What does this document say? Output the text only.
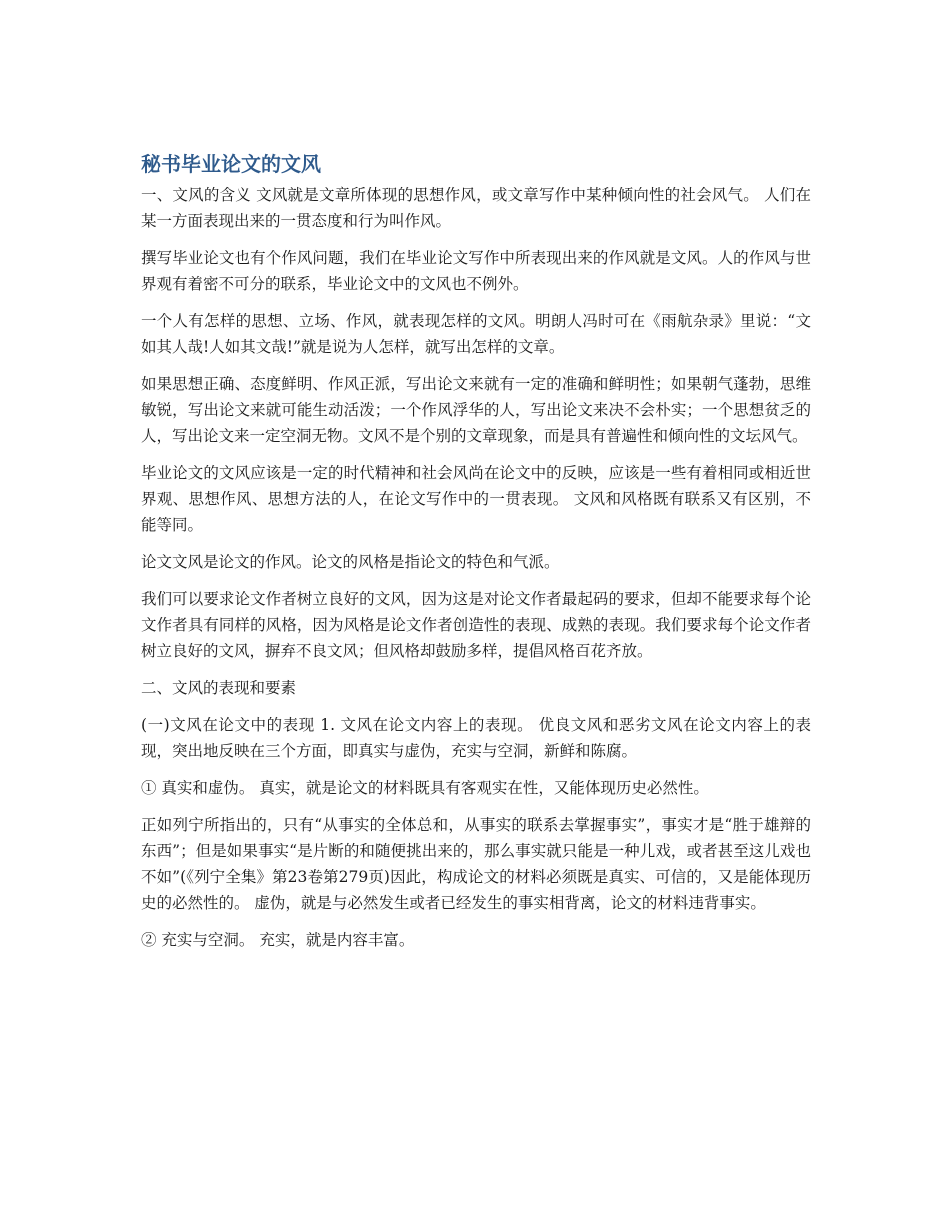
秘书毕业论文的文风

一、文风的含义 文风就是文章所体现的思想作风，或文章写作中某种倾向性的社会风气。 人们在某一方面表现出来的一贯态度和行为叫作风。

撰写毕业论文也有个作风问题，我们在毕业论文写作中所表现出来的作风就是文风。人的作风与世界观有着密不可分的联系，毕业论文中的文风也不例外。

一个人有怎样的思想、立场、作风，就表现怎样的文风。明朗人冯时可在《雨航杂录》里说：“文如其人哉!人如其文哉!”就是说为人怎样，就写出怎样的文章。

如果思想正确、态度鲜明、作风正派，写出论文来就有一定的准确和鲜明性；如果朝气蓬勃，思维敏锐，写出论文来就可能生动活泼；一个作风浮华的人，写出论文来决不会朴实；一个思想贫乏的人，写出论文来一定空洞无物。文风不是个别的文章现象，而是具有普遍性和倾向性的文坛风气。

毕业论文的文风应该是一定的时代精神和社会风尚在论文中的反映，应该是一些有着相同或相近世界观、思想作风、思想方法的人，在论文写作中的一贯表现。 文风和风格既有联系又有区别，不能等同。

论文文风是论文的作风。论文的风格是指论文的特色和气派。

我们可以要求论文作者树立良好的文风，因为这是对论文作者最起码的要求，但却不能要求每个论文作者具有同样的风格，因为风格是论文作者创造性的表现、成熟的表现。我们要求每个论文作者树立良好的文风，摒弃不良文风；但风格却鼓励多样，提倡风格百花齐放。

二、文风的表现和要素

(一)文风在论文中的表现 1. 文风在论文内容上的表现。 优良文风和恶劣文风在论文内容上的表现，突出地反映在三个方面，即真实与虚伪，充实与空洞，新鲜和陈腐。

① 真实和虚伪。 真实，就是论文的材料既具有客观实在性，又能体现历史必然性。

正如列宁所指出的，只有“从事实的全体总和，从事实的联系去掌握事实”，事实才是“胜于雄辩的东西”；但是如果事实“是片断的和随便挑出来的，那么事实就只能是一种儿戏，或者甚至这儿戏也不如”(《列宁全集》第23卷第279页)因此，构成论文的材料必须既是真实、可信的，又是能体现历史的必然性的。 虚伪，就是与必然发生或者已经发生的事实相背离，论文的材料违背事实。

② 充实与空洞。 充实，就是内容丰富。
